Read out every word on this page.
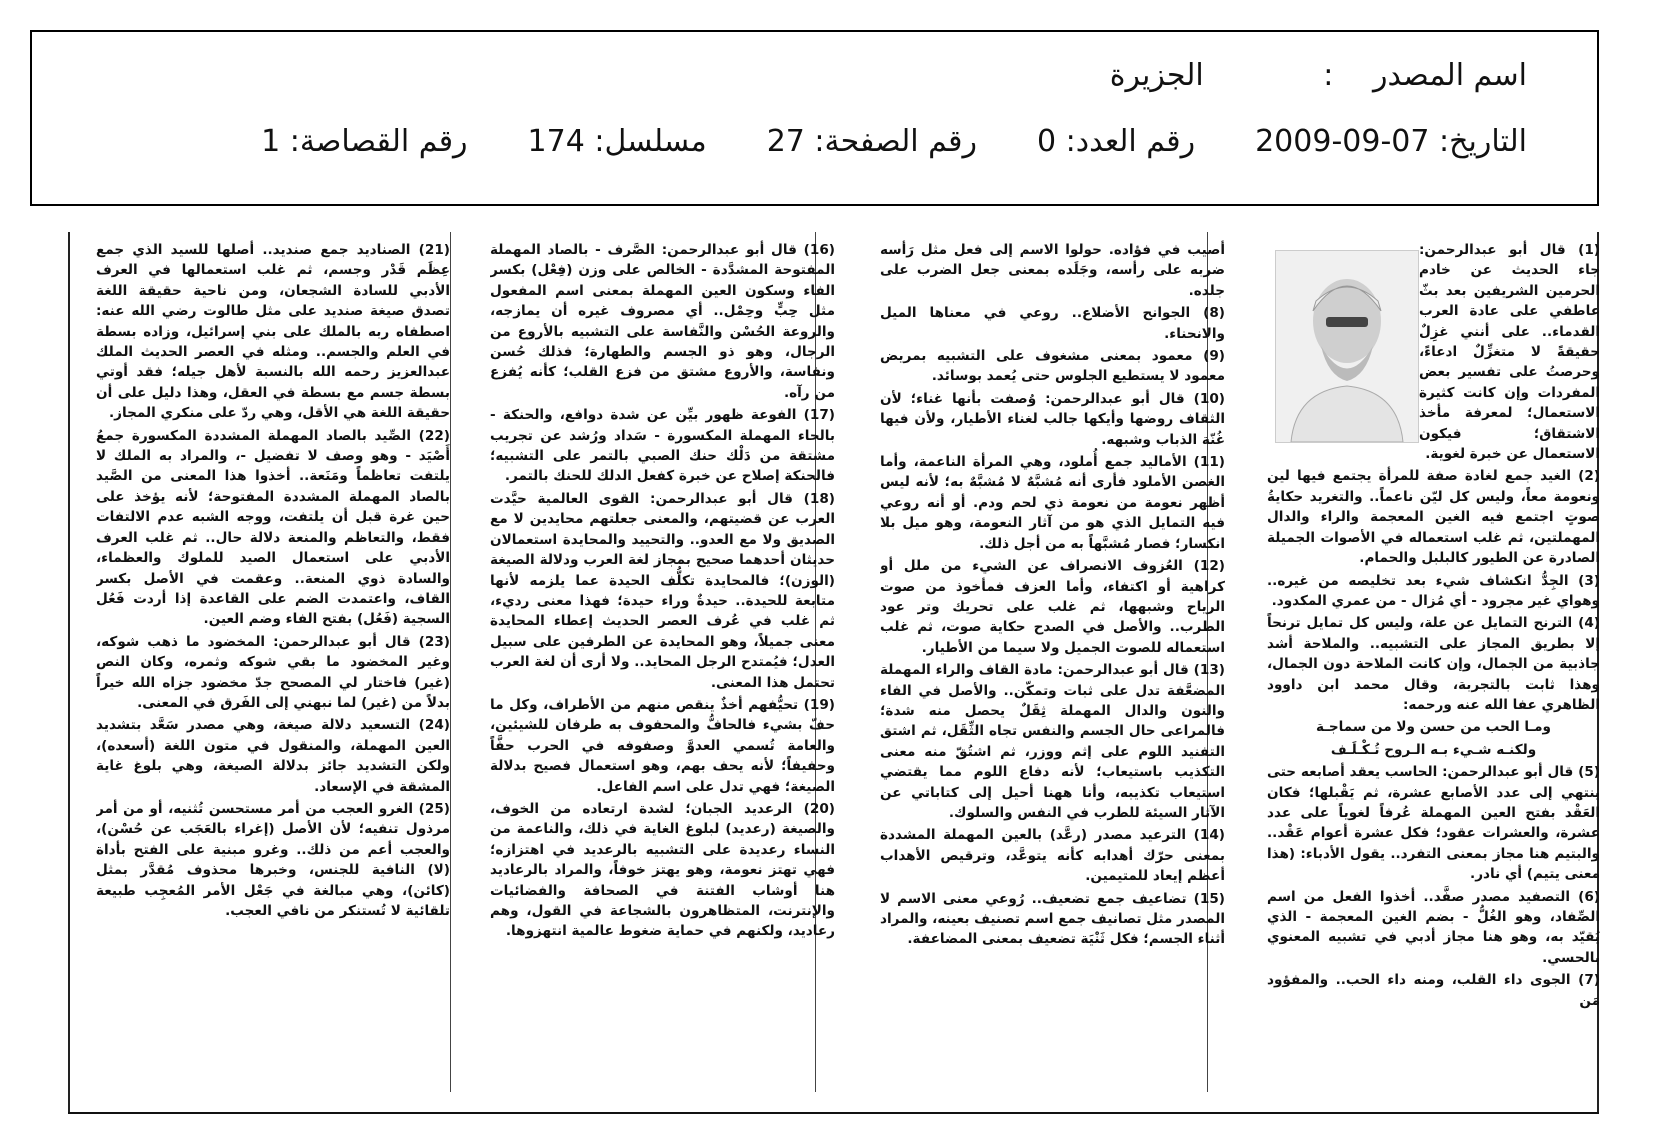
اسم المصدر : الجزيرة
التاريخ: 07-09-2009
رقم العدد: 0
رقم الصفحة: 27
مسلسل: 174
رقم القصاصة: 1

(1) قال أبو عبدالرحمن: جاء الحديث عن خادم الحرمين الشريفين بعد بثّ عاطفي على عادة العرب القدماء.. على أنني غزِلٌ حقيقةً لا متغزِّلٌ ادعاءً، وحرصتُ على تفسير بعض المفردات وإن كانت كثيرة الاستعمال؛ لمعرفة مأخذ الاشتقاق؛ فيكون الاستعمال عن خبرة لغوية.

(2) الغيد جمع لغادة صفة للمرأة يجتمع فيها لين ونعومة معاً، وليس كل ليّن ناعماً.. والتغريد حكايةُ صوتٍ اجتمع فيه الغين المعجمة والراء والدال المهملتين، ثم غلب استعماله في الأصوات الجميلة الصادرة عن الطيور كالبلبل والحمام.

(3) الجِدُّ انكشاف شيء بعد تخليصه من غيره.. وهواي غير مجرود - أي مُزال - من عمري المكدود.

(4) الترنح التمايل عن علة، وليس كل تمايل ترنحاً إلا بطريق المجاز على التشبيه.. والملاحة أشد جاذبية من الجمال، وإن كانت الملاحة دون الجمال، وهذا ثابت بالتجربة، وقال محمد ابن داوود الظاهري عفا الله عنه ورحمه:

ومـا الحب من حسن ولا من سماجـة

ولكنـه شـيء بـه الـروح تُـكْـلَـف

(5) قال أبو عبدالرحمن: الحاسب يعقد أصابعه حتى ينتهي إلى عدد الأصابع عشرة، ثم يَقْبلها؛ فكان العَقْد بفتح العين المهملة عُرفاً لغوياً على عدد عشرة، والعشرات عقود؛ فكل عشرة أعوام عَقْد.. والبتيم هنا مجاز بمعنى التفرد.. يقول الأدباء: (هذا معنى يتيم) أي نادر.

(6) التصفيد مصدر صفَّد.. أخذوا الفعل من اسم الصِّفاد، وهو الغُلُّ - بضم الغين المعجمة - الذي يُقيّد به، وهو هنا مجاز أدبي في تشبيه المعنوي بالحسي.

(7) الجوى داء القلب، ومنه داء الحب.. والمفؤود مَن

أُصيب في فؤاده. حولوا الاسم إلى فعل مثل رَأْسه ضربه على رأسه، وجَلَده بمعنى جعل الضرب على جلده.

(8) الجوانح الأضلاع.. روعي في معناها الميل والانحناء.

(9) معمود بمعنى مشغوف على التشبيه بمريض معمود لا يستطيع الجلوس حتى يُعمد بوسائد.

(10) قال أبو عبدالرحمن: وُصفت بأنها غناء؛ لأن الثقاف روضها وأيكها جالب لغناء الأطيار، ولأن فيها غُنّة الذباب وشبهه.

(11) الأماليد جمع أُملود، وهي المرأة الناعمة، وأما الغصن الأملود فأرى أنه مُشبَّهٌ لا مُشبَّهٌ به؛ لأنه ليس أظهر نعومة من نعومة ذي لحم ودم. أو أنه روعي فيه التمايل الذي هو من آثار النعومة، وهو ميل بلا انكسار؛ فصار مُشبَّهاً به من أجل ذلك.

(12) العُزوف الانصراف عن الشيء من ملل أو كراهية أو اكتفاء، وأما العزف فمأخوذ من صوت الرياح وشبهها، ثم غلب على تحريك وتر عود الطرب.. والأصل في الصدح حكاية صوت، ثم غلب استعماله للصوت الجميل ولا سيما من الأطيار.

(13) قال أبو عبدالرحمن: مادة القاف والراء المهملة المضعَّفة تدل على ثبات وتمكّن.. والأصل في الفاء والنون والدال المهملة ثِقَلٌ يحصل منه شدة؛ فالمراعى حال الجسم والنفس تجاه الثِّقَل، ثم اشتق التفنيد اللوم على إثم ووزر، ثم اشتُقّ منه معنى التكذيب باستيعاب؛ لأنه دفاع اللوم مما يقتضي استيعاب تكذيبه، وأنا ههنا أحيل إلى كتاباتي عن الآثار السيئة للطرب في النفس والسلوك.

(14) الترعيد مصدر (رعَّد) بالعين المهملة المشددة بمعنى حرّك أهدابه كأنه يتوعَّد، وترقيص الأهداب أعظم إيعاد للمتيمين.

(15) تضاعيف جمع تضعيف.. رُوعي معنى الاسم لا المصدر مثل تصانيف جمع اسم تصنيف بعينه، والمراد أثناء الجسم؛ فكل ثَنْيَة تضعيف بمعنى المضاعفة.

(16) قال أبو عبدالرحمن: الصَّرف - بالصاد المهملة المفتوحة المشدَّدة - الخالص على وزن (فِعْل) بكسر الفاء وسكون العين المهملة بمعنى اسم المفعول مثل حِبٍّ وحِمْل.. أي مصروف غيره أن يمازجه، والروعة الحُسْن والنَّفاسة على التشبيه بالأروع من الرجال، وهو ذو الجسم والطهارة؛ فذلك حُسن ونفاسة، والأروع مشتق من فزع القلب؛ كأنه يُفزع من رآه.

(17) الفوعة ظهور بيِّن عن شدة دوافع، والحنكة - بالحاء المهملة المكسورة - سَداد ورُشد عن تجريب مشتقة من دَلْك حنك الصبي بالتمر على التشبيه؛ فالحنكة إصلاح عن خبرة كفعل الدلك للحنك بالتمر.

(18) قال أبو عبدالرحمن: القوى العالمية حيَّدت العرب عن قضيتهم، والمعنى جعلتهم محايدين لا مع الصديق ولا مع العدو.. والتحييد والمحايدة استعمالان حديثان أحدهما صحيح بمجاز لغة العرب ودلالة الصيغة (الوزن)؛ فالمحايدة تكلُّف الحيدة عما يلزمه لأنها متابعة للحيدة.. حيدةٌ وراء حيدة؛ فهذا معنى رديء، ثم غلب في عُرف العصر الحديث إعطاء المحايدة معنى جميلاً، وهو المحايدة عن الطرفين على سبيل العدل؛ فيُمتدح الرجل المحايد.. ولا أرى أن لغة العرب تحتمل هذا المعنى.

(19) تحيُّفهم أخذٌ ينقص منهم من الأطراف، وكل ما حفّ بشيء فالحافُّ والمحفوف به طرفان للشيئين، والعامة تُسمي العدوَّ وصفوفه في الحرب حفَّاً وحفيفاً؛ لأنه يحف بهم، وهو استعمال فصيح بدلالة الصيغة؛ فهي تدل على اسم الفاعل.

(20) الرعديد الجبان؛ لشدة ارتعاده من الخوف، والصيغة (رعديد) لبلوغ الغاية في ذلك، والناعمة من النساء رعديدة على التشبيه بالرعديد في اهتزازه؛ فهي تهتز نعومة، وهو يهتز خوفاً، والمراد بالرعاديد هنا أوشاب الفتنة في الصحافة والفضائيات والإنترنت، المتظاهرون بالشجاعة في القول، وهم رعاديد، ولكنهم في حماية ضغوط عالمية انتهزوها.

(21) الصناديد جمع صنديد.. أصلها للسيد الذي جمع عِظَم قَدْر وجسم، ثم غلب استعمالها في العرف الأدبي للسادة الشجعان، ومن ناحية حقيقة اللغة تصدق صيغة صنديد على مثل طالوت رضي الله عنه: اصطفاه ربه بالملك على بني إسرائيل، وزاده بسطة في العلم والجسم.. ومثله في العصر الحديث الملك عبدالعزيز رحمه الله بالنسبة لأهل جيله؛ فقد أوتي بسطة جسم مع بسطة في العقل، وهذا دليل على أن حقيقة اللغة هي الأقل، وهي ردّ على منكري المجاز.

(22) الصِّيد بالصاد المهملة المشددة المكسورة جمعُ أَصْيَد - وهو وصف لا تفضيل -، والمراد به الملك لا يلتفت تعاظماً ومَنَعة.. أخذوا هذا المعنى من الصَّيد بالصاد المهملة المشددة المفتوحة؛ لأنه يؤخذ على حين غرة قبل أن يلتفت، ووجه الشبه عدم الالتفات فقط، والتعاظم والمنعة دلالة حال.. ثم غلب العرف الأدبي على استعمال الصيد للملوك والعظماء، والسادة ذوي المنعة.. وعقمت في الأصل بكسر القاف، واعتمدت الضم على القاعدة إذا أردت فَعُل السجية (فَعُل) بفتح الفاء وضم العين.

(23) قال أبو عبدالرحمن: المخضود ما ذهب شوكه، وغير المخضود ما بقي شوكه وثمره، وكان النص (غير) فاختار لي المصحح جدّ مخضود جزاه الله خيراً بدلاً من (غير) لما نبهني إلى الفَرق في المعنى.

(24) التسعيد دلالة صيغة، وهي مصدر سَعَّد بتشديد العين المهملة، والمنقول في متون اللغة (أسعده)، ولكن التشديد جائز بدلالة الصيغة، وهي بلوغ غاية المشقة في الإسعاد.

(25) الغرو العجب من أمر مستحسن تُثنيه، أو من أمر مرذول تنفيه؛ لأن الأصل (إغراء بالعَجَب عن حُسْن)، والعجب أعم من ذلك.. وغرو مبنية على الفتح بأداة (لا) النافية للجنس، وخبرها محذوف مُقدَّر بمثل (كائن)، وهي مبالغة في جَعْل الأمر المُعجِب طبيعة تلقائية لا تُستنكر من نافي العجب.
